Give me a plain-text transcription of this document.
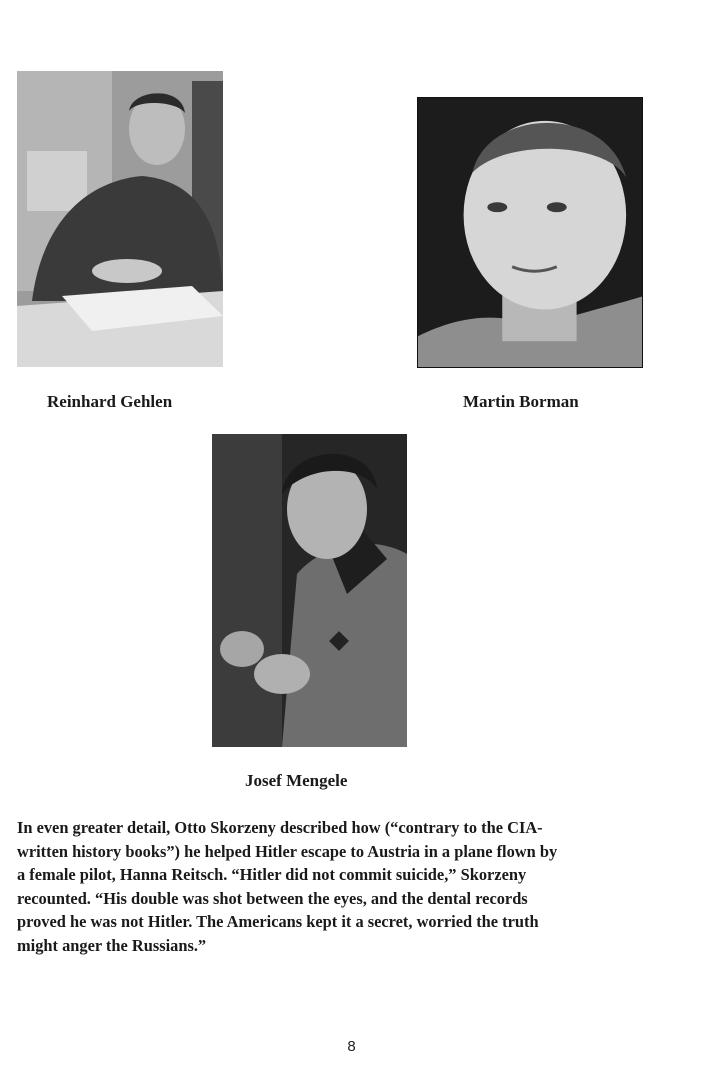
Reinhard Gehlen	Martin Borman
Josef Mengele

In even greater detail, Otto Skorzeny described how (“contrary to the CIA-
written history books”) he helped Hitler escape to Austria in a plane flown by
a female pilot, Hanna Reitsch. “Hitler did not commit suicide,” Skorzeny
recounted. “His double was shot between the eyes, and the dental records
proved he was not Hitler. The Americans kept it a secret, worried the truth
might anger the Russians.”

8
